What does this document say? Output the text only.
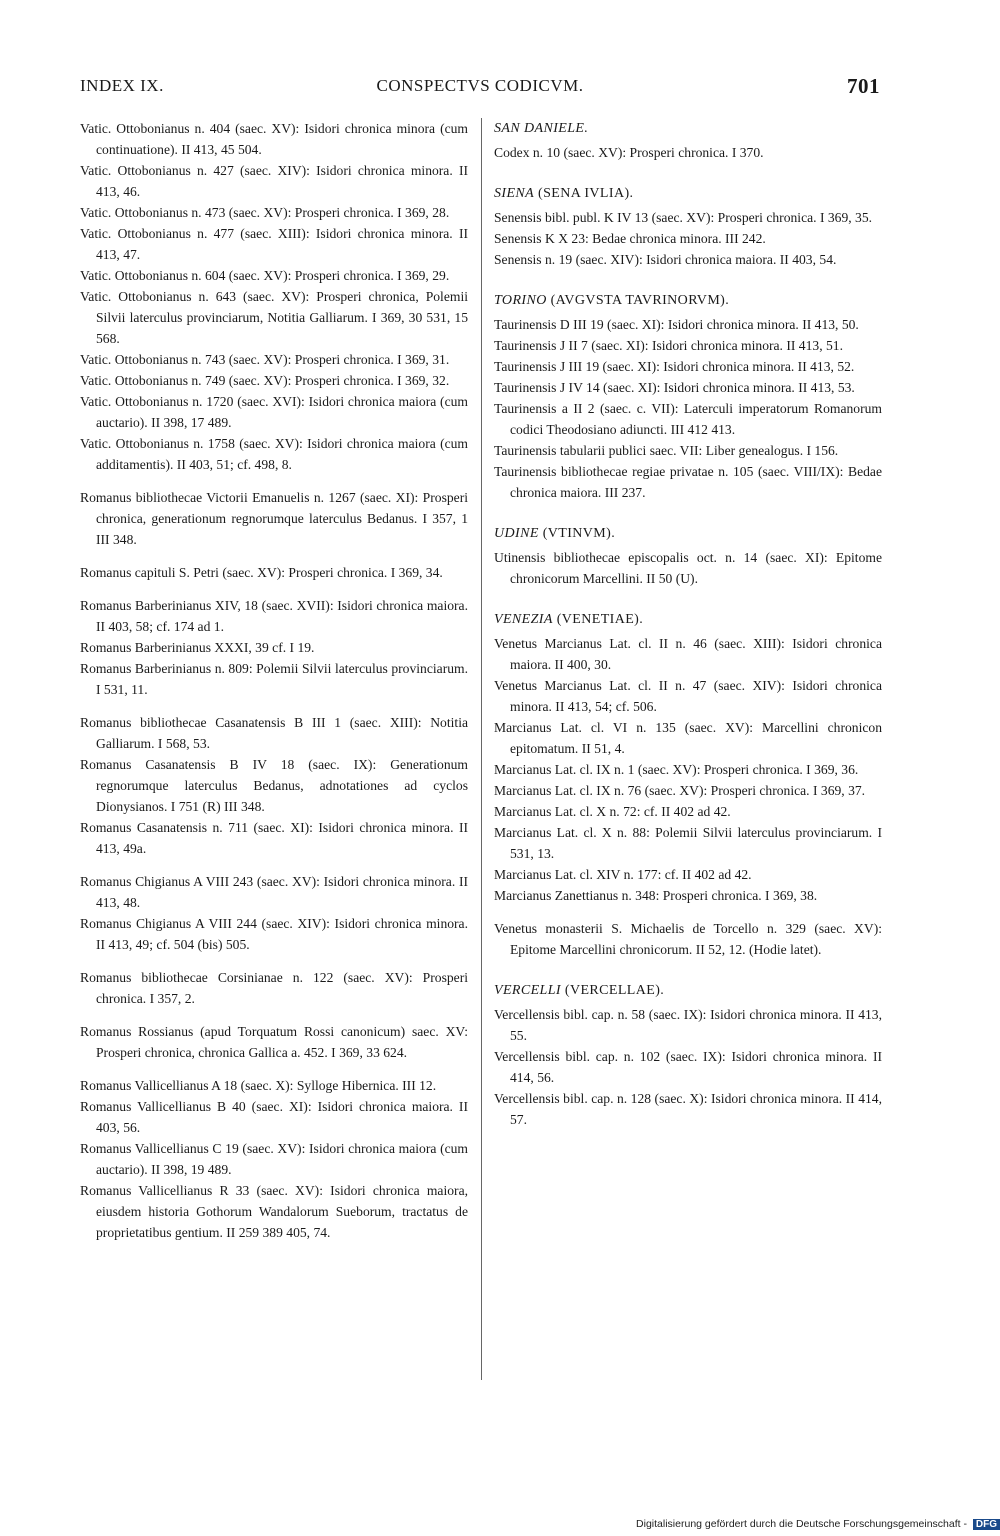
INDEX IX.	CONSPECTVS CODICVM.	701

Vatic. Ottobonianus n. 404 (saec. XV): Isidori chronica minora (cum continuatione). II 413, 45 504.

Vatic. Ottobonianus n. 427 (saec. XIV): Isidori chronica minora. II 413, 46.

Vatic. Ottobonianus n. 473 (saec. XV): Prosperi chronica. I 369, 28.

Vatic. Ottobonianus n. 477 (saec. XIII): Isidori chronica minora. II 413, 47.

Vatic. Ottobonianus n. 604 (saec. XV): Prosperi chronica. I 369, 29.

Vatic. Ottobonianus n. 643 (saec. XV): Prosperi chronica, Polemii Silvii laterculus provinciarum, Notitia Galliarum. I 369, 30 531, 15 568.

Vatic. Ottobonianus n. 743 (saec. XV): Prosperi chronica. I 369, 31.

Vatic. Ottobonianus n. 749 (saec. XV): Prosperi chronica. I 369, 32.

Vatic. Ottobonianus n. 1720 (saec. XVI): Isidori chronica maiora (cum auctario). II 398, 17 489.

Vatic. Ottobonianus n. 1758 (saec. XV): Isidori chronica maiora (cum additamentis). II 403, 51; cf. 498, 8.

Romanus bibliothecae Victorii Emanuelis n. 1267 (saec. XI): Prosperi chronica, generationum regnorumque laterculus Bedanus. I 357, 1 III 348.

Romanus capituli S. Petri (saec. XV): Prosperi chronica. I 369, 34.

Romanus Barberinianus XIV, 18 (saec. XVII): Isidori chronica maiora. II 403, 58; cf. 174 ad 1.

Romanus Barberinianus XXXI, 39 cf. I 19.

Romanus Barberinianus n. 809: Polemii Silvii laterculus provinciarum. I 531, 11.

Romanus bibliothecae Casanatensis B III 1 (saec. XIII): Notitia Galliarum. I 568, 53.

Romanus Casanatensis B IV 18 (saec. IX): Generationum regnorumque laterculus Bedanus, adnotationes ad cyclos Dionysianos. I 751 (R) III 348.

Romanus Casanatensis n. 711 (saec. XI): Isidori chronica minora. II 413, 49a.

Romanus Chigianus A VIII 243 (saec. XV): Isidori chronica minora. II 413, 48.

Romanus Chigianus A VIII 244 (saec. XIV): Isidori chronica minora. II 413, 49; cf. 504 (bis) 505.

Romanus bibliothecae Corsinianae n. 122 (saec. XV): Prosperi chronica. I 357, 2.

Romanus Rossianus (apud Torquatum Rossi canonicum) saec. XV: Prosperi chronica, chronica Gallica a. 452. I 369, 33 624.

Romanus Vallicellianus A 18 (saec. X): Sylloge Hibernica. III 12.

Romanus Vallicellianus B 40 (saec. XI): Isidori chronica maiora. II 403, 56.

Romanus Vallicellianus C 19 (saec. XV): Isidori chronica maiora (cum auctario). II 398, 19 489.

Romanus Vallicellianus R 33 (saec. XV): Isidori chronica maiora, eiusdem historia Gothorum Wandalorum Sueborum, tractatus de proprietatibus gentium. II 259 389 405, 74.

SAN DANIELE.

Codex n. 10 (saec. XV): Prosperi chronica. I 370.

SIENA (SENA IVLIA).

Senensis bibl. publ. K IV 13 (saec. XV): Prosperi chronica. I 369, 35.

Senensis K X 23: Bedae chronica minora. III 242.

Senensis n. 19 (saec. XIV): Isidori chronica maiora. II 403, 54.

TORINO (AVGVSTA TAVRINORVM).

Taurinensis D III 19 (saec. XI): Isidori chronica minora. II 413, 50.

Taurinensis J II 7 (saec. XI): Isidori chronica minora. II 413, 51.

Taurinensis J III 19 (saec. XI): Isidori chronica minora. II 413, 52.

Taurinensis J IV 14 (saec. XI): Isidori chronica minora. II 413, 53.

Taurinensis a II 2 (saec. c. VII): Laterculi imperatorum Romanorum codici Theodosiano adiuncti. III 412 413.

Taurinensis tabularii publici saec. VII: Liber genealogus. I 156.

Taurinensis bibliothecae regiae privatae n. 105 (saec. VIII/IX): Bedae chronica maiora. III 237.

UDINE (VTINVM).

Utinensis bibliothecae episcopalis oct. n. 14 (saec. XI): Epitome chronicorum Marcellini. II 50 (U).

VENEZIA (VENETIAE).

Venetus Marcianus Lat. cl. II n. 46 (saec. XIII): Isidori chronica maiora. II 400, 30.

Venetus Marcianus Lat. cl. II n. 47 (saec. XIV): Isidori chronica minora. II 413, 54; cf. 506.

Marcianus Lat. cl. VI n. 135 (saec. XV): Marcellini chronicon epitomatum. II 51, 4.

Marcianus Lat. cl. IX n. 1 (saec. XV): Prosperi chronica. I 369, 36.

Marcianus Lat. cl. IX n. 76 (saec. XV): Prosperi chronica. I 369, 37.

Marcianus Lat. cl. X n. 72: cf. II 402 ad 42.

Marcianus Lat. cl. X n. 88: Polemii Silvii laterculus provinciarum. I 531, 13.

Marcianus Lat. cl. XIV n. 177: cf. II 402 ad 42.

Marcianus Zanettianus n. 348: Prosperi chronica. I 369, 38.

Venetus monasterii S. Michaelis de Torcello n. 329 (saec. XV): Epitome Marcellini chronicorum. II 52, 12. (Hodie latet).

VERCELLI (VERCELLAE).

Vercellensis bibl. cap. n. 58 (saec. IX): Isidori chronica minora. II 413, 55.

Vercellensis bibl. cap. n. 102 (saec. IX): Isidori chronica minora. II 414, 56.

Vercellensis bibl. cap. n. 128 (saec. X): Isidori chronica minora. II 414, 57.

Digitalisierung gefördert durch die Deutsche Forschungsgemeinschaft - DFG
